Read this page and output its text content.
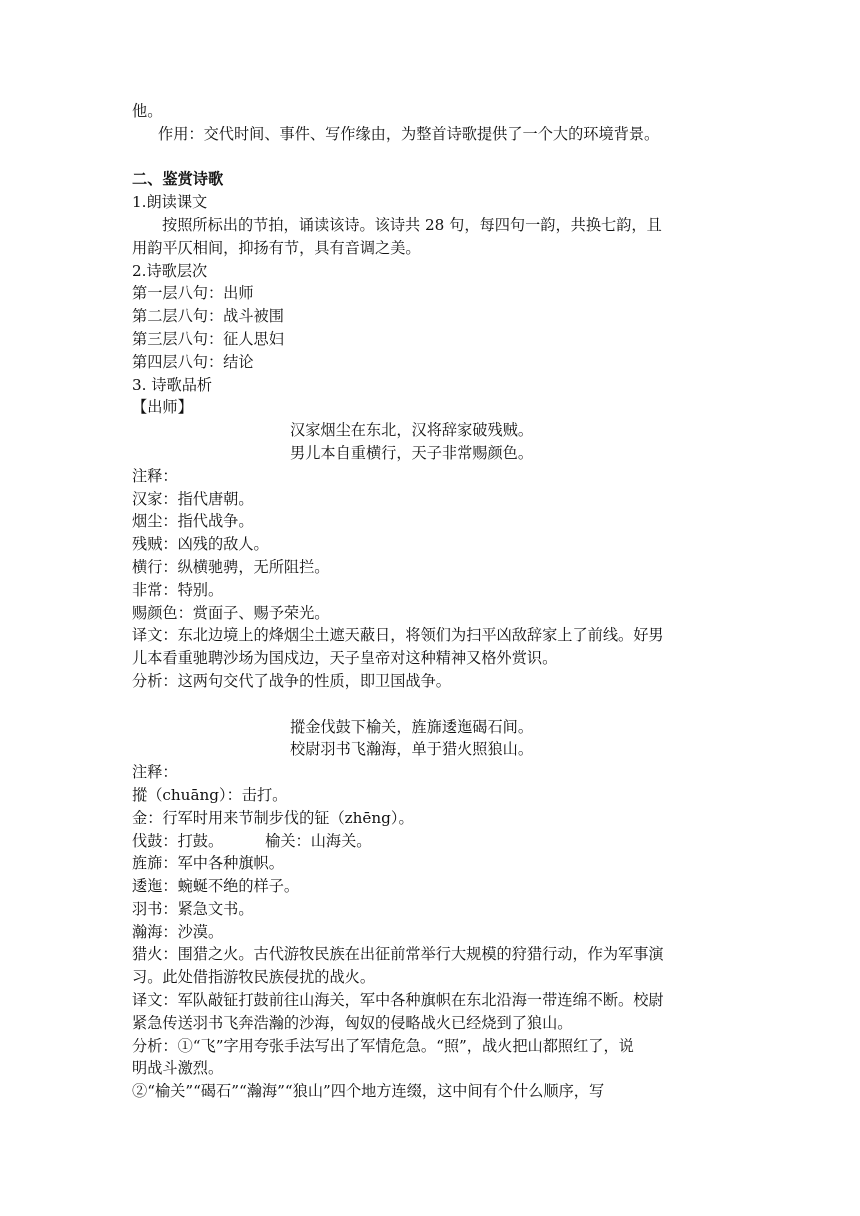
他。
作用：交代时间、事件、写作缘由，为整首诗歌提供了一个大的环境背景。
二、鉴赏诗歌
1.朗读课文
按照所标出的节拍，诵读该诗。该诗共 28 句，每四句一韵，共换七韵，且
用韵平仄相间，抑扬有节，具有音调之美。
2.诗歌层次
第一层八句：出师
第二层八句：战斗被围
第三层八句：征人思妇
第四层八句：结论
3. 诗歌品析
【出师】
汉家烟尘在东北，汉将辞家破残贼。
男儿本自重横行，天子非常赐颜色。
注释：
汉家：指代唐朝。
烟尘：指代战争。
残贼：凶残的敌人。
横行：纵横驰骋，无所阻拦。
非常：特别。
赐颜色：赏面子、赐予荣光。
译文：东北边境上的烽烟尘土遮天蔽日，将领们为扫平凶敌辞家上了前线。好男
儿本看重驰聘沙场为国戍边，天子皇帝对这种精神又格外赏识。
分析：这两句交代了战争的性质，即卫国战争。
摐金伐鼓下榆关，旌旆逶迤碣石间。
校尉羽书飞瀚海，单于猎火照狼山。
注释：
摐（chuāng）：击打。
金：行军时用来节制步伐的钲（zhēng）。
伐鼓：打鼓。	榆关：山海关。
旌旆：军中各种旗帜。
逶迤：蜿蜒不绝的样子。
羽书：紧急文书。
瀚海：沙漠。
猎火：围猎之火。古代游牧民族在出征前常举行大规模的狩猎行动，作为军事演
习。此处借指游牧民族侵扰的战火。
译文：军队敲钲打鼓前往山海关，军中各种旗帜在东北沿海一带连绵不断。校尉
紧急传送羽书飞奔浩瀚的沙海，匈奴的侵略战火已经烧到了狼山。
分析：①“飞”字用夸张手法写出了军情危急。“照”，战火把山都照红了，说
明战斗激烈。
②“榆关”“碣石”“瀚海”“狼山”四个地方连缀，这中间有个什么顺序，写
